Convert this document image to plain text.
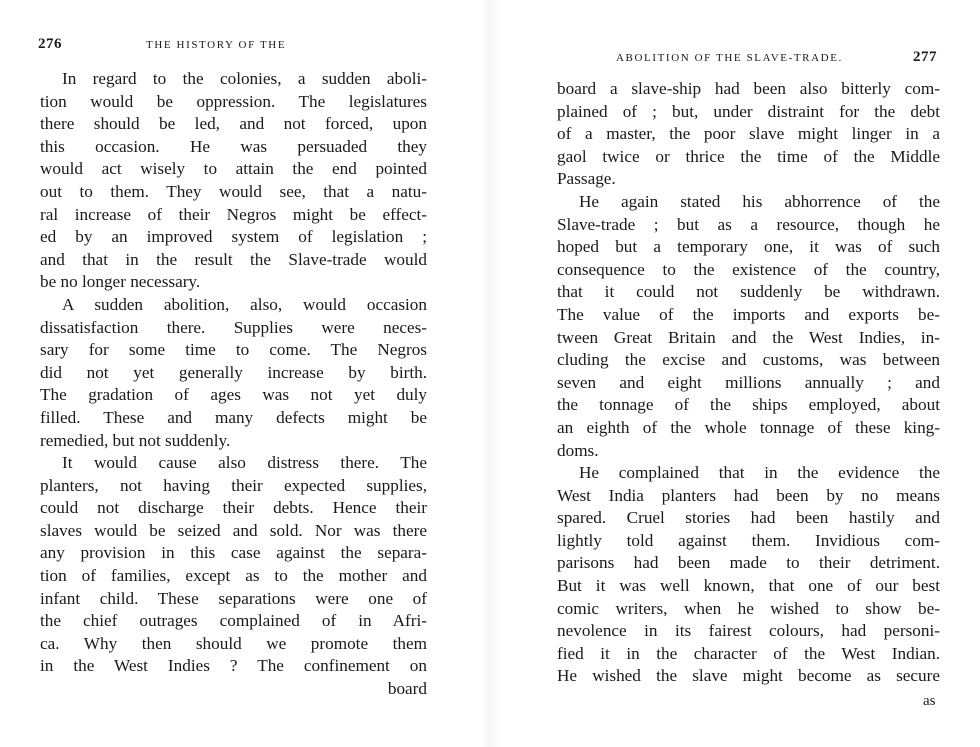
276	THE HISTORY OF THE
In regard to the colonies, a sudden aboli-
tion would be oppression. The legislatures
there should be led, and not forced, upon
this occasion. He was persuaded they
would act wisely to attain the end pointed
out to them. They would see, that a natu-
ral increase of their Negros might be effect-
ed by an improved system of legislation ;
and that in the result the Slave-trade would
be no longer necessary.
A sudden abolition, also, would occasion
dissatisfaction there. Supplies were neces-
sary for some time to come. The Negros
did not yet generally increase by birth.
The gradation of ages was not yet duly
filled. These and many defects might be
remedied, but not suddenly.
It would cause also distress there. The
planters, not having their expected supplies,
could not discharge their debts. Hence their
slaves would be seized and sold. Nor was there
any provision in this case against the separa-
tion of families, except as to the mother and
infant child. These separations were one of
the chief outrages complained of in Afri-
ca. Why then should we promote them
in the West Indies ? The confinement on
board
ABOLITION OF THE SLAVE-TRADE.	277
board a slave-ship had been also bitterly com-
plained of ; but, under distraint for the debt
of a master, the poor slave might linger in a
gaol twice or thrice the time of the Middle
Passage.
He again stated his abhorrence of the
Slave-trade ; but as a resource, though he
hoped but a temporary one, it was of such
consequence to the existence of the country,
that it could not suddenly be withdrawn.
The value of the imports and exports be-
tween Great Britain and the West Indies, in-
cluding the excise and customs, was between
seven and eight millions annually ; and
the tonnage of the ships employed, about
an eighth of the whole tonnage of these king-
doms.
He complained that in the evidence the
West India planters had been by no means
spared. Cruel stories had been hastily and
lightly told against them. Invidious com-
parisons had been made to their detriment.
But it was well known, that one of our best
comic writers, when he wished to show be-
nevolence in its fairest colours, had personi-
fied it in the character of the West Indian.
He wished the slave might become as secure
as
